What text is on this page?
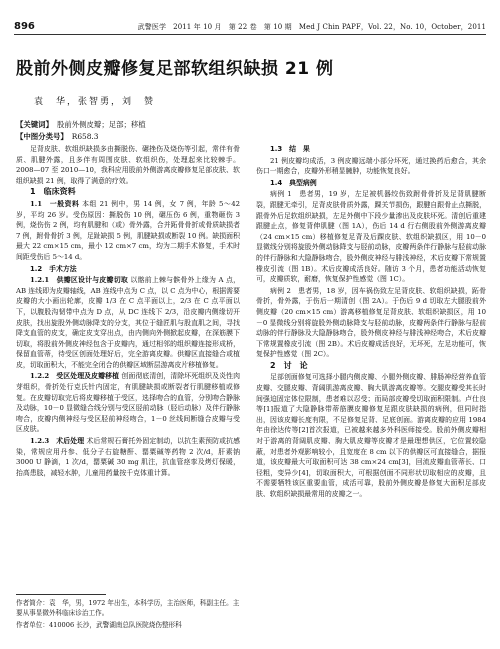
896	武警医学　2011 年 10 月　第 22 卷　第 10 期　Med J Chin PAPF，Vol. 22，No. 10，October，2011
股前外侧皮瓣修复足部软组织缺损 21 例
袁　华，张智勇，刘　赞
【关键词】 股前外侧皮瓣；足部；移植
【中图分类号】 R658.3

足背皮肤、软组织缺损多由撕脱伤、碾挫伤及烧伤等引起，常伴有骨质、肌腱外露，且多伴有周围皮肤、软组织伤，处理起来比较棘手。2008—07 至 2010—10，我科应用股前外侧游离皮瓣修复足部皮肤、软组织缺损 21 例，取得了满意的疗效。

1　临床资料

1.1　一般资料 本组 21 例中，男 14 例，女 7 例，年龄 5～42 岁，平均 26 岁。受伤原因：撕脱伤 10 例，碾压伤 6 例，重物砸伤 3 例，烧伤伤 2 例，均有肌腱和（或）骨外露，合并跖骨骨折或骨质缺损者 7 例，跗骨骨折 3 例，足趾缺损 5 例，肌腱缺损或断裂 10 例。缺损面积最大 22 cm×15 cm，最小 12 cm×7 cm，均为二期手术修复，手术时间距受伤后 5～14 d。

1.2　手术方法

1.2.1　供瓣区设计与皮瓣切取 以髂前上棘与髌骨外上缘为 A 点，AB 连线即为皮瓣轴线，AB 连线中点为 C 点，以 C 点为中心，根据需要皮瓣的大小画出轮廓，皮瓣 1/3 在 C 点平面以上，2/3 在 C 点平面以下，以腹股沟韧带中点为 D 点，从 DC 连线下 2/3，沿皮瓣内侧缘切开皮肤，找出旋股外侧动脉降支的分支，其位于缝匠肌与股直肌之间，寻找降支血管的皮支，确定皮支穿出点，由内侧向外侧掀起皮瓣，在深筋膜下切取，将股前外侧皮神经包含于皮瓣内，通过相邻的组织瓣连接形成桥，保留血管蒂，待受区创面处理好后，完全游离皮瓣。供瓣区直接缝合或植皮，切取面积大，不能完全闭合的供瓣区域断层游离皮片移植修复。

1.2.2　受区处理及皮瓣移植 创面彻底清创，清除坏死组织及炎性肉芽组织，骨折处行克氏针内固定，有肌腱缺损或断裂者行肌腱移植或修复。在皮瓣切取完后将皮瓣移植于受区，选择吻合的血管，分别吻合静脉及动脉，10－0 显微缝合线分别与受区胫前动脉（胫后动脉）及伴行静脉吻合，皮瓣内侧神经与受区胫前神经吻合，1－0 丝线间断缝合皮瓣与受区皮肤。

1.2.3　术后处理 术后常规石膏托外固定制动，以抗生素预防或抗感染，常规应用丹参、低分子右旋糖酐、罂粟碱等药物 2 次/d，肝素钠 3000 U 静滴，1 次/d，罂粟碱 30 mg 肌注，抗血管痉挛及烤灯保暖，抬高患肢，减轻水肿，儿童用药量按千克体重计算。

作者简介：袁　华，男，1972 年出生，本科学历，主治医师，科副主任。主要从事显微外科临床诊治工作。
作者单位：410006 长沙，武警湖南总队医院烧伤整形科

1.3　结　果

21 例皮瓣均成活，3 例皮瓣远端小部分坏死，通过换药后愈合，其余伤口一期愈合，皮瓣外形稍显臃肿，功能恢复良好。

1.4　典型病例

病例 1　患者男，19 岁，左足被机器绞伤致跗骨骨折及足背肌腱断裂，跟腱无牵引，足背皮肤骨质外露，踝关节损伤，跟腱自跟骨止点撕脱，跟骨外后足软组织缺损，左足外侧中下段少量渗出及皮肤坏死。清创后重建跟腱止点，修复背伸肌腱（图 1A），伤后 14 d 行右侧股前外侧游离皮瓣（24 cm×15 cm）移植修复足背及后踝皮肤、软组织缺损区，用 10－0 显微线分别将旋股外侧动脉降支与胫前动脉，皮瓣两条伴行静脉与胫前动脉的伴行静脉和大隐静脉吻合，股外侧皮神经与腓浅神经，术后皮瓣下常规置橡皮引流（图 1B）。术后皮瓣成活良好。随访 3 个月，患者功能活动恢复可，皮瓣质软，耐磨，恢复保护性感觉（图 1C）。

病例 2　患者男，18 岁，因车祸伤致左足背皮肤、软组织缺损，跖骨骨折，骨外露，于伤后一期清创（图 2A）。于伤后 9 d 切取左大腿股前外侧皮瓣（20 cm×15 cm）游离移植修复足背皮肤、软组织缺损区，用 10－0 显微线分别将旋股外侧动脉降支与胫前动脉，皮瓣两条伴行静脉与胫前动脉的伴行静脉及大隐静脉吻合，股外侧皮神经与腓浅神经吻合，术后皮瓣下常规置橡皮引流（图 2B）。术后皮瓣成活良好，无坏死，左足功能可，恢复保护性感觉（图 2C）。

2　讨　论

足部创面修复可选择小腿内侧皮瓣、小腿外侧皮瓣、腓肠神经营养血管皮瓣、交腿皮瓣、背阔肌游离皮瓣、胸大肌游离皮瓣等。交腿皮瓣受其长时间强迫固定体位限制，患者难以忍受；而局部皮瓣受切取面积限制。卢仕良等[1]报道了大隐静脉带蒂筋膜皮瓣修复足跟皮肤缺损的病例，但同时指出，因该皮瓣长度有限，不足修复足背、足底创面。游离皮瓣的应用 1984 年由徐达传等[2]首次报道，已被越来越多外科医师接受。股前外侧皮瓣相对于游离的背阔肌皮瓣、胸大肌皮瓣等皮瓣才是最理想供区，它位置较隐蔽，对患者外观影响较小，且宽度在 8 cm 以下的供瓣区可直接缝合，据报道，该皮瓣最大可取面积可达 38 cm×24 cm[3]，回流皮瓣血管蒂长、口径粗，变异少[4]，切取面积大，可根据创面不同形状切取相应的皮瓣，且不需要牺牲该区重要血管，成活可靠，股前外侧皮瓣是修复大面积足部皮肤、软组织缺损最常用的皮瓣之一。
